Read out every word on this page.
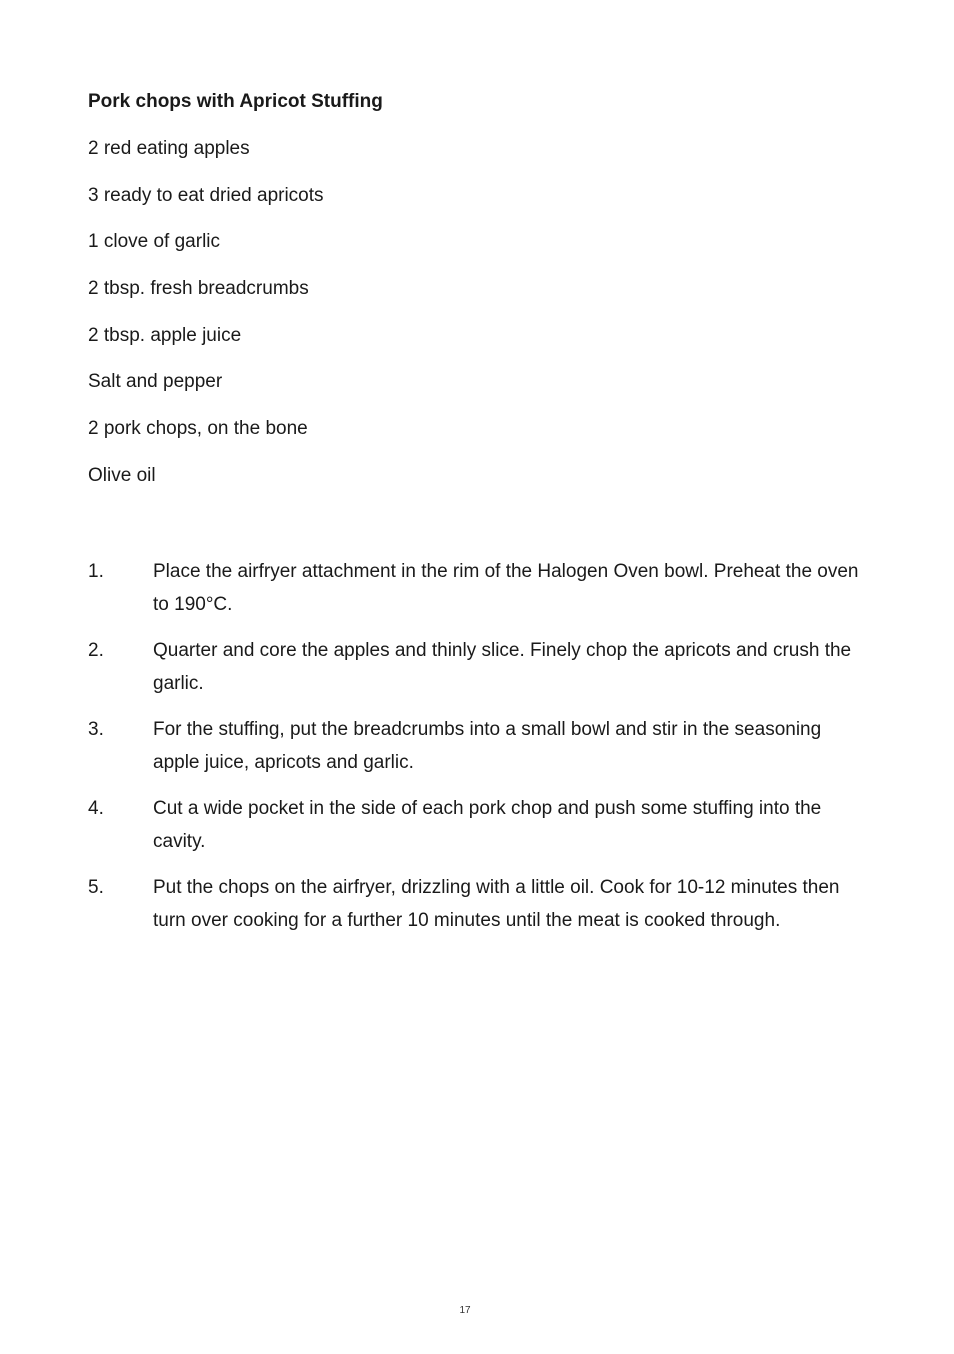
Pork chops with Apricot Stuffing
2 red eating apples
3 ready to eat dried apricots
1 clove of garlic
2 tbsp. fresh breadcrumbs
2 tbsp. apple juice
Salt and pepper
2 pork chops, on the bone
Olive oil
1.	Place the airfryer attachment in the rim of the Halogen Oven bowl. Preheat the oven to 190°C.
2.	Quarter and core the apples and thinly slice. Finely chop the apricots and crush the garlic.
3.	For the stuffing, put the breadcrumbs into a small bowl and stir in the seasoning apple juice, apricots and garlic.
4.	Cut a wide pocket in the side of each pork chop and push some stuffing into the cavity.
5.	Put the chops on the airfryer, drizzling with a little oil. Cook for 10-12 minutes then turn over cooking for a further 10 minutes until the meat is cooked through.
17
